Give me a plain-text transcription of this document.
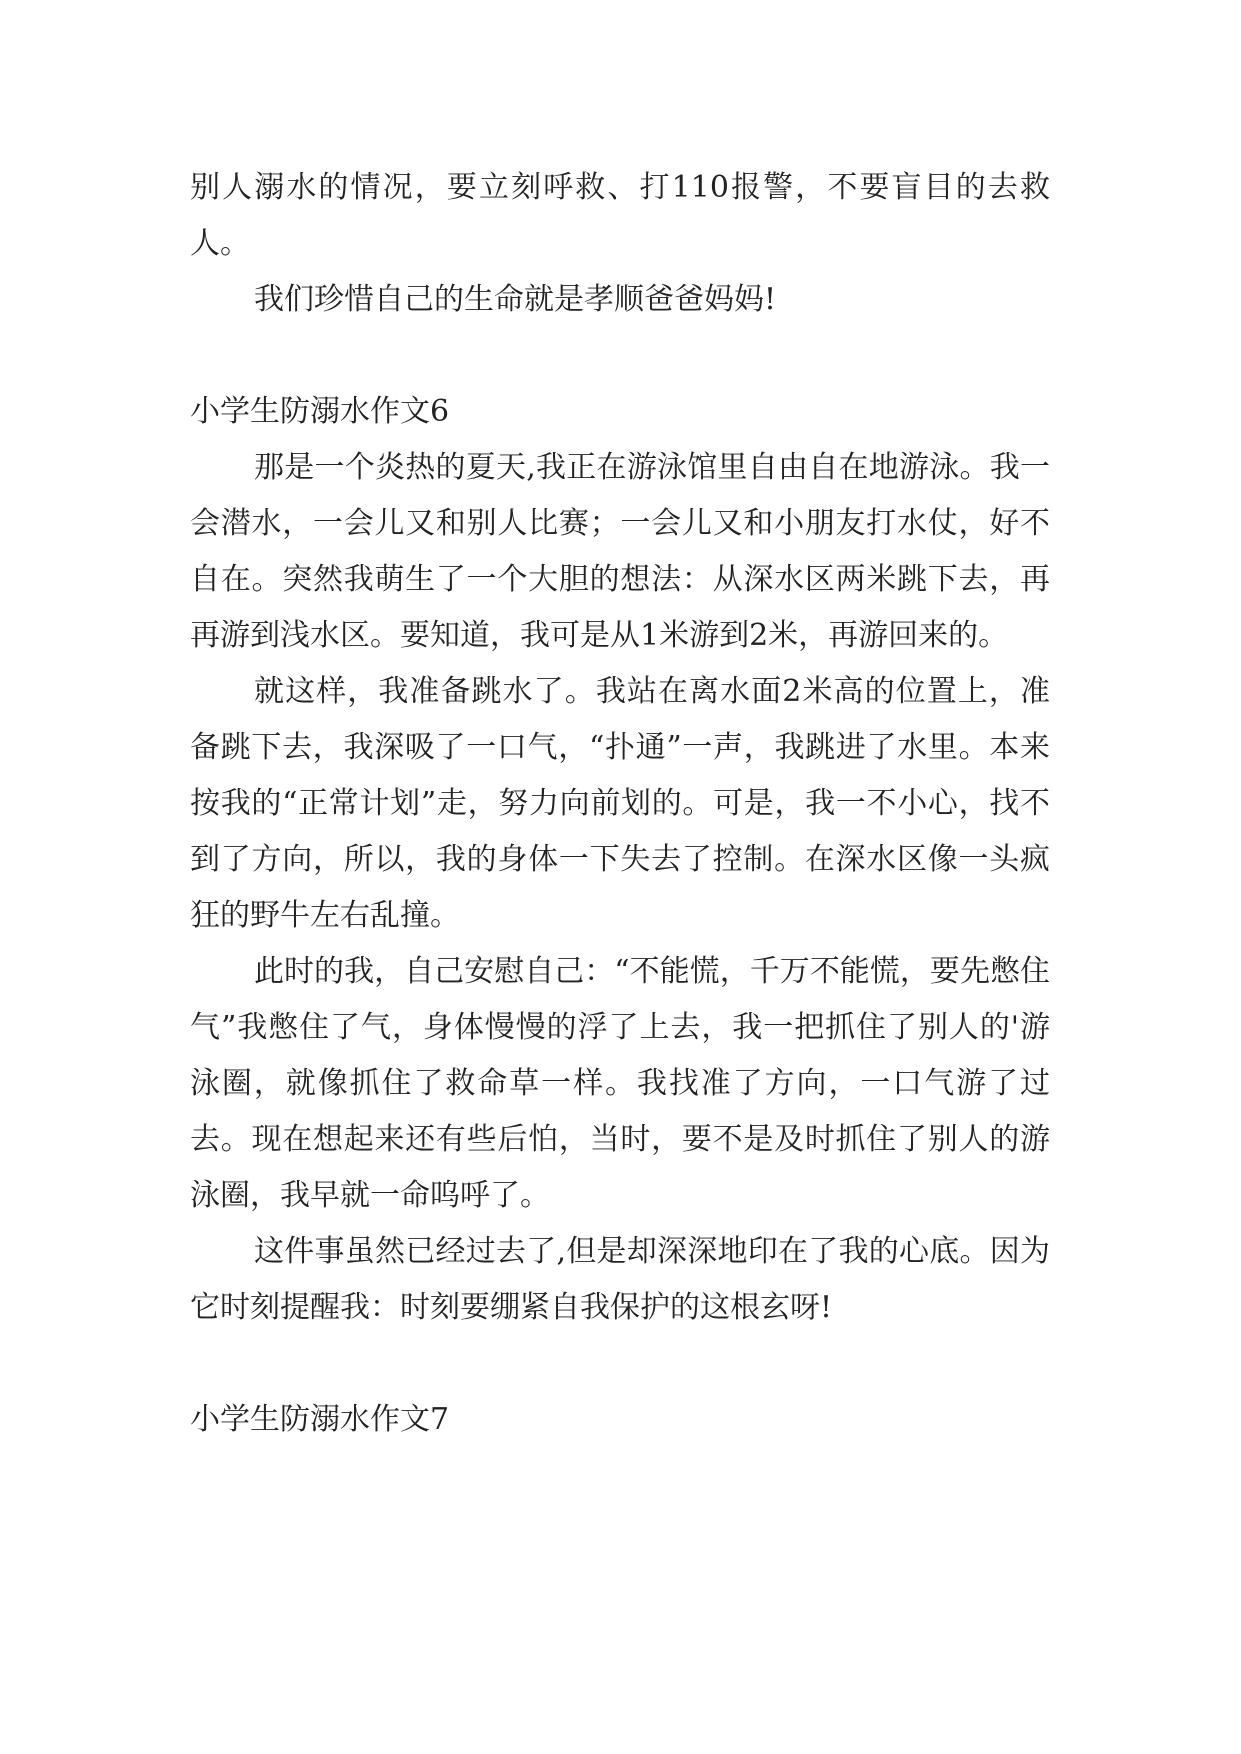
别人溺水的情况，要立刻呼救、打110报警，不要盲目的去救人。

我们珍惜自己的生命就是孝顺爸爸妈妈!

小学生防溺水作文6

那是一个炎热的夏天,我正在游泳馆里自由自在地游泳。我一会潜水，一会儿又和别人比赛；一会儿又和小朋友打水仗，好不自在。突然我萌生了一个大胆的想法：从深水区两米跳下去，再再游到浅水区。要知道，我可是从1米游到2米，再游回来的。

就这样，我准备跳水了。我站在离水面2米高的位置上，准备跳下去，我深吸了一口气，“扑通”一声，我跳进了水里。本来按我的“正常计划”走，努力向前划的。可是，我一不小心，找不到了方向，所以，我的身体一下失去了控制。在深水区像一头疯狂的野牛左右乱撞。

此时的我，自己安慰自己：“不能慌，千万不能慌，要先憋住气”我憋住了气，身体慢慢的浮了上去，我一把抓住了别人的'游泳圈，就像抓住了救命草一样。我找准了方向，一口气游了过去。现在想起来还有些后怕，当时，要不是及时抓住了别人的游泳圈，我早就一命呜呼了。

这件事虽然已经过去了,但是却深深地印在了我的心底。因为它时刻提醒我：时刻要绷紧自我保护的这根玄呀!

小学生防溺水作文7
